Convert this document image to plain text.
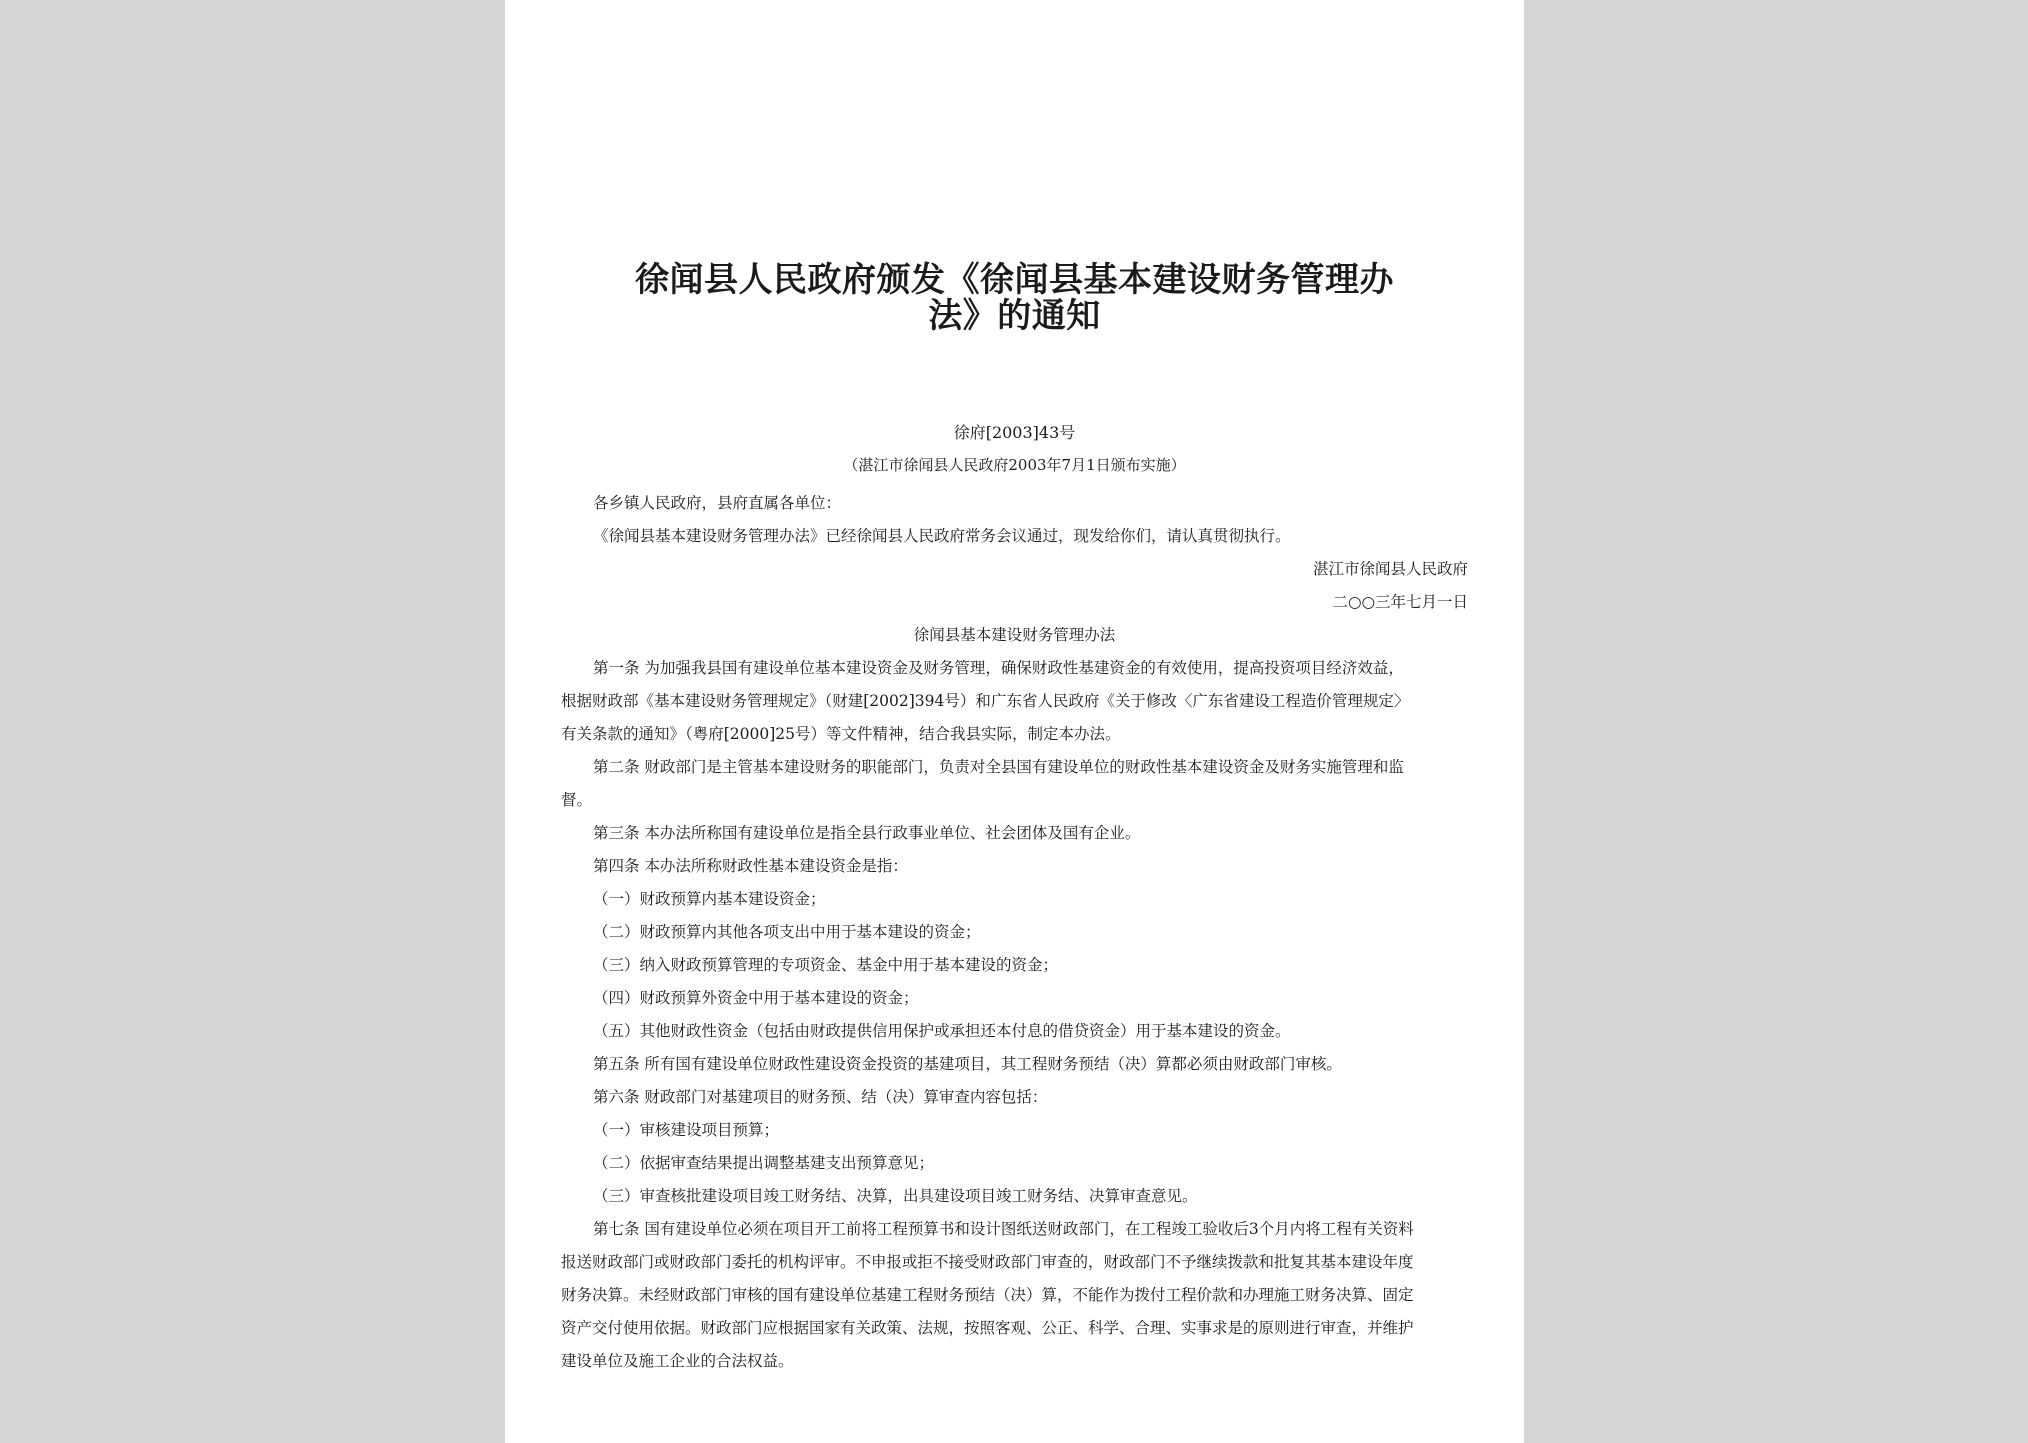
徐闻县人民政府颁发《徐闻县基本建设财务管理办
法》的通知
徐府[2003]43号
（湛江市徐闻县人民政府2003年7月1日颁布实施）

各乡镇人民政府，县府直属各单位：

《徐闻县基本建设财务管理办法》已经徐闻县人民政府常务会议通过，现发给你们，请认真贯彻执行。

湛江市徐闻县人民政府

二○○三年七月一日

徐闻县基本建设财务管理办法

第一条 为加强我县国有建设单位基本建设资金及财务管理，确保财政性基建资金的有效使用，提高投资项目经济效益，

根据财政部《基本建设财务管理规定》（财建[2002]394号）和广东省人民政府《关于修改〈广东省建设工程造价管理规定〉

有关条款的通知》（粤府[2000]25号）等文件精神，结合我县实际，制定本办法。

第二条 财政部门是主管基本建设财务的职能部门，负责对全县国有建设单位的财政性基本建设资金及财务实施管理和监

督。

第三条 本办法所称国有建设单位是指全县行政事业单位、社会团体及国有企业。

第四条 本办法所称财政性基本建设资金是指：

（一）财政预算内基本建设资金；

（二）财政预算内其他各项支出中用于基本建设的资金；

（三）纳入财政预算管理的专项资金、基金中用于基本建设的资金；

（四）财政预算外资金中用于基本建设的资金；

（五）其他财政性资金（包括由财政提供信用保护或承担还本付息的借贷资金）用于基本建设的资金。

第五条 所有国有建设单位财政性建设资金投资的基建项目，其工程财务预结（决）算都必须由财政部门审核。

第六条 财政部门对基建项目的财务预、结（决）算审查内容包括：

（一）审核建设项目预算；

（二）依据审查结果提出调整基建支出预算意见；

（三）审查核批建设项目竣工财务结、决算，出具建设项目竣工财务结、决算审查意见。

第七条 国有建设单位必须在项目开工前将工程预算书和设计图纸送财政部门，在工程竣工验收后3个月内将工程有关资料

报送财政部门或财政部门委托的机构评审。不申报或拒不接受财政部门审查的，财政部门不予继续拨款和批复其基本建设年度

财务决算。未经财政部门审核的国有建设单位基建工程财务预结（决）算，不能作为拨付工程价款和办理施工财务决算、固定

资产交付使用依据。财政部门应根据国家有关政策、法规，按照客观、公正、科学、合理、实事求是的原则进行审查，并维护

建设单位及施工企业的合法权益。
